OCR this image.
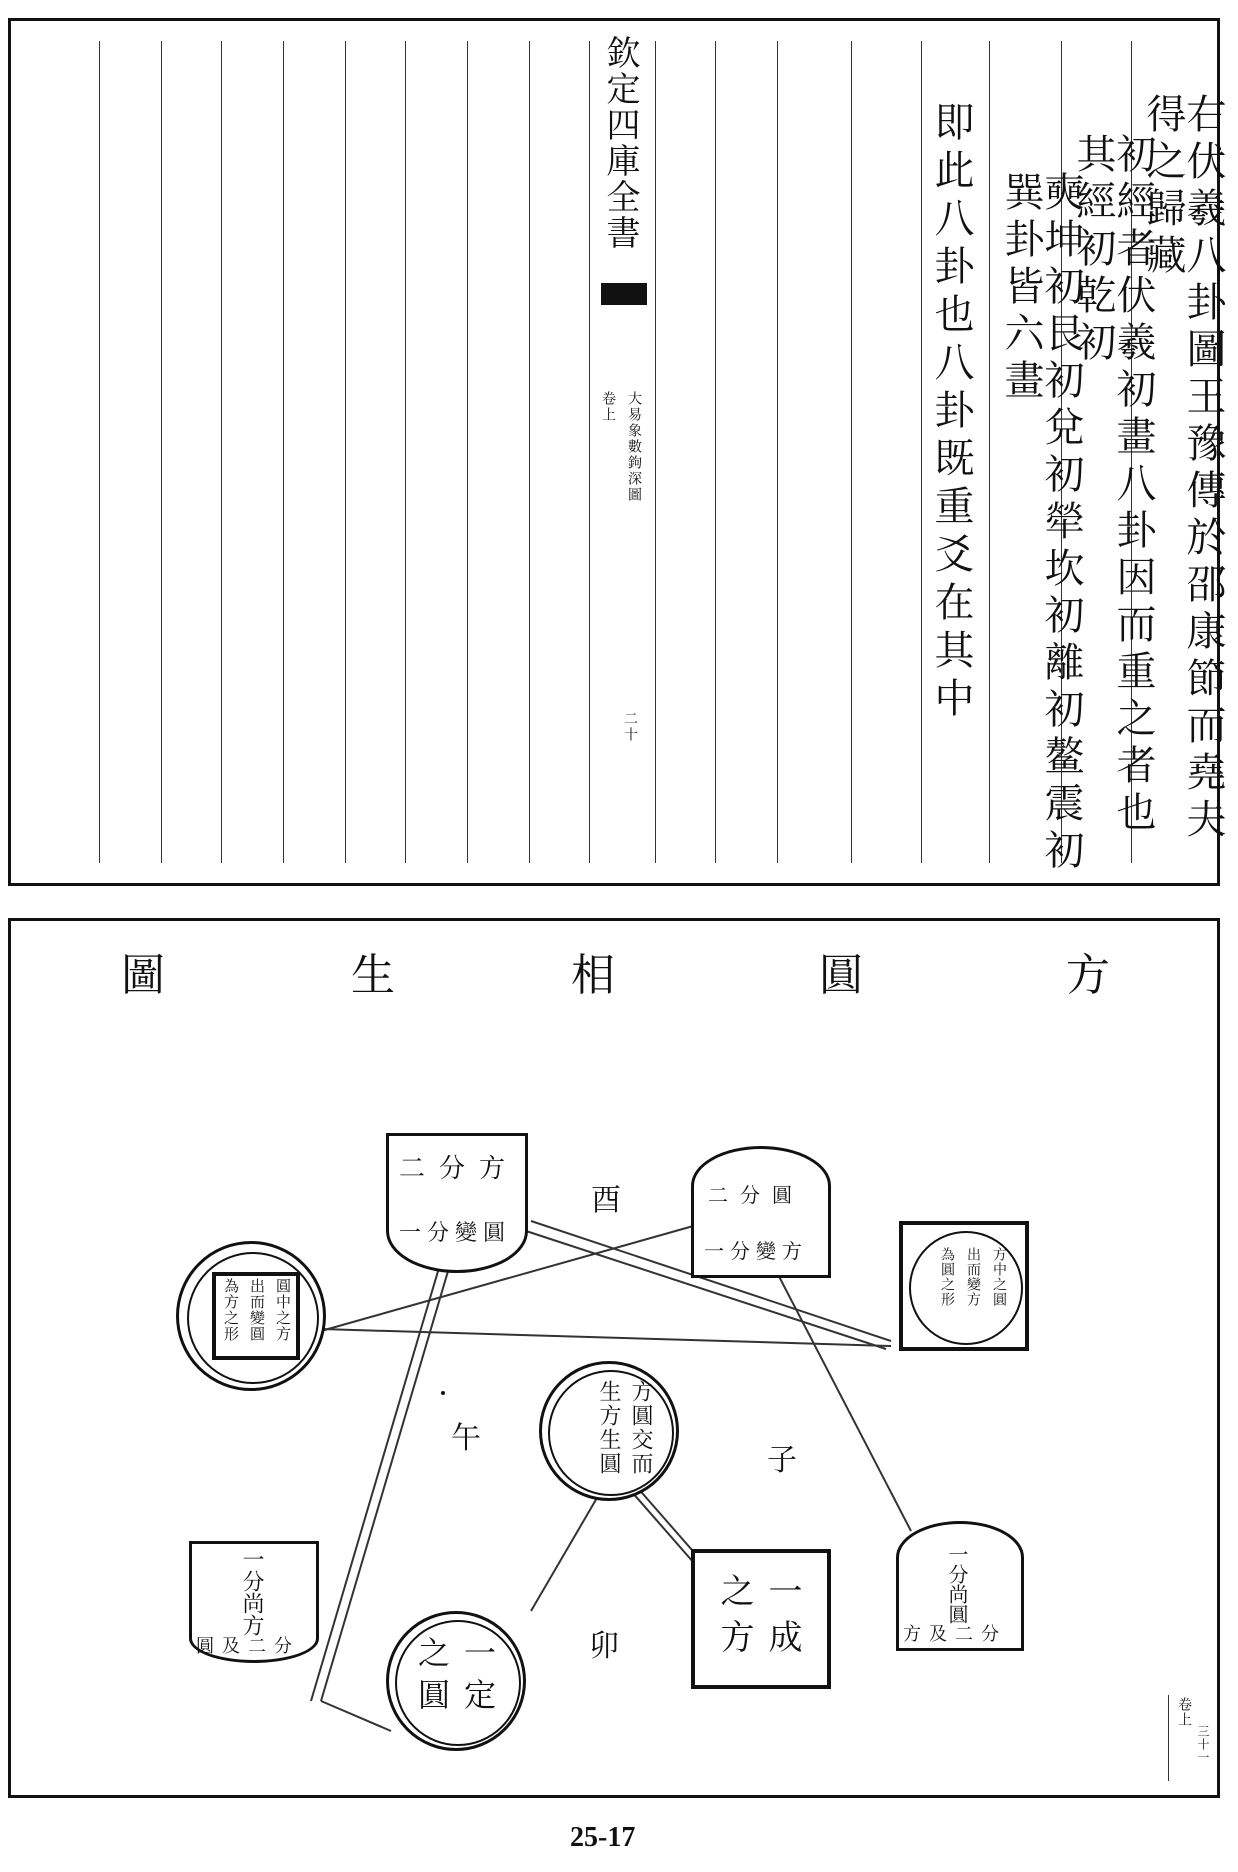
欽定四庫全書
大易象數鉤深圖
卷上
二十	右伏羲八卦圖王豫傳於邵康節而堯夫得之歸藏
初經者伏羲初畫八卦因而重之者也其經初乾初
奭坤初艮初兌初犖坎初離初鳌震初巽卦皆六畫
即此八卦也八卦既重爻在其中
方
圓
相
生
圖
二分方
一分變圓
二分圓
一分變方
酉
午
子
卯
圓中之方
出而變圓
為方之形
方中之圓
出而變方
為圓之形
方圓交而
生方生圓
一分尚方
圓及二分	一定
之圓
一成
之方	一分尚圓
方及二分
卷上
三十一
25-17
